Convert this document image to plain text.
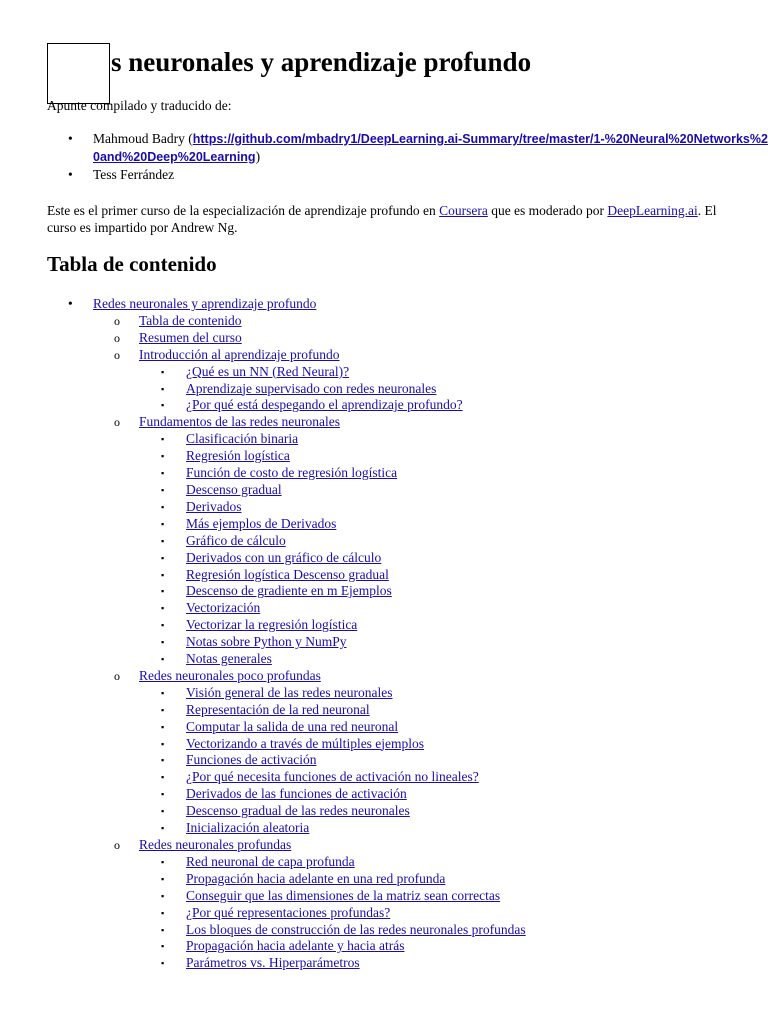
s neuronales y aprendizaje profundo

Apunte compilado y traducido de:

• Mahmoud Badry (https://github.com/mbadry1/DeepLearning.ai-Summary/tree/master/1-%20Neural%20Networks%20and%20Deep%20Learning)
• Tess Ferrández

Este es el primer curso de la especialización de aprendizaje profundo en Coursera que es moderado por DeepLearning.ai. El curso es impartido por Andrew Ng.

Tabla de contenido
• Redes neuronales y aprendizaje profundo
o Tabla de contenido
o Resumen del curso
o Introducción al aprendizaje profundo
▪ ¿Qué es un NN (Red Neural)?
▪ Aprendizaje supervisado con redes neuronales
▪ ¿Por qué está despegando el aprendizaje profundo?
o Fundamentos de las redes neuronales
▪ Clasificación binaria
▪ Regresión logística
▪ Función de costo de regresión logística
▪ Descenso gradual
▪ Derivados
▪ Más ejemplos de Derivados
▪ Gráfico de cálculo
▪ Derivados con un gráfico de cálculo
▪ Regresión logística Descenso gradual
▪ Descenso de gradiente en m Ejemplos
▪ Vectorización
▪ Vectorizar la regresión logística
▪ Notas sobre Python y NumPy
▪ Notas generales
o Redes neuronales poco profundas
▪ Visión general de las redes neuronales
▪ Representación de la red neuronal
▪ Computar la salida de una red neuronal
▪ Vectorizando a través de múltiples ejemplos
▪ Funciones de activación
▪ ¿Por qué necesita funciones de activación no lineales?
▪ Derivados de las funciones de activación
▪ Descenso gradual de las redes neuronales
▪ Inicialización aleatoria
o Redes neuronales profundas
▪ Red neuronal de capa profunda
▪ Propagación hacia adelante en una red profunda
▪ Conseguir que las dimensiones de la matriz sean correctas
▪ ¿Por qué representaciones profundas?
▪ Los bloques de construcción de las redes neuronales profundas
▪ Propagación hacia adelante y hacia atrás
▪ Parámetros vs. Hiperparámetros
